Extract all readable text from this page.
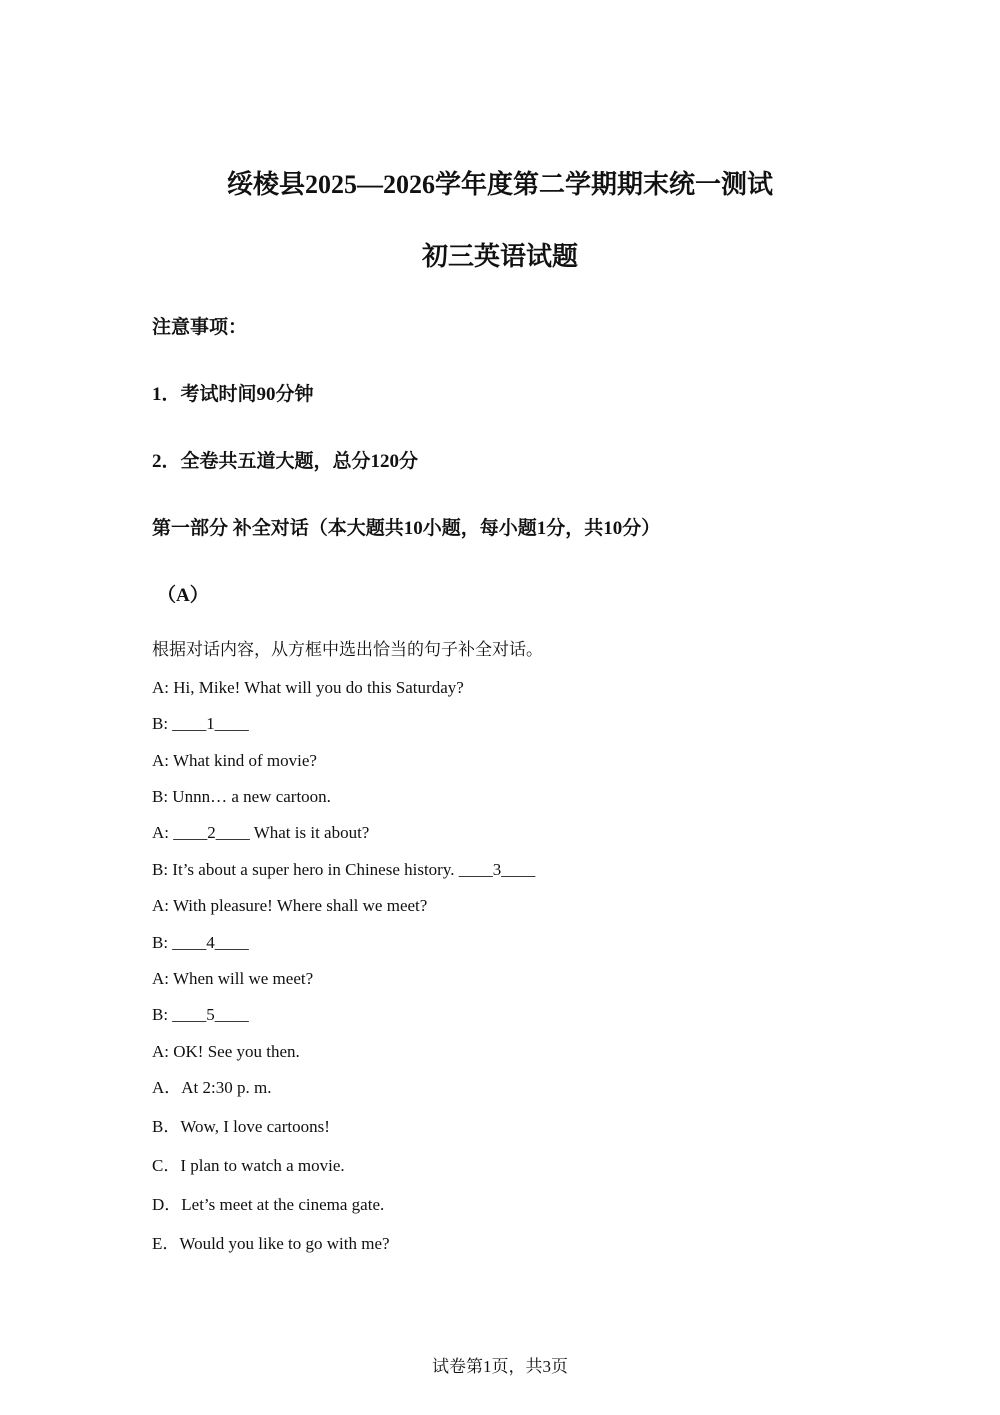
绥棱县2025—2026学年度第二学期期末统一测试
初三英语试题
注意事项：
1．考试时间90分钟
2．全卷共五道大题，总分120分
第一部分 补全对话（本大题共10小题，每小题1分，共10分）
（A）
根据对话内容，从方框中选出恰当的句子补全对话。
A: Hi, Mike! What will you do this Saturday?
B: ____1____
A: What kind of movie?
B: Unnn… a new cartoon.
A: ____2____ What is it about?
B: It’s about a super hero in Chinese history. ____3____
A: With pleasure! Where shall we meet?
B: ____4____
A: When will we meet?
B: ____5____
A: OK! See you then.
A．At 2:30 p. m.
B．Wow, I love cartoons!
C．I plan to watch a movie.
D．Let’s meet at the cinema gate.
E．Would you like to go with me?
试卷第1页，共3页
